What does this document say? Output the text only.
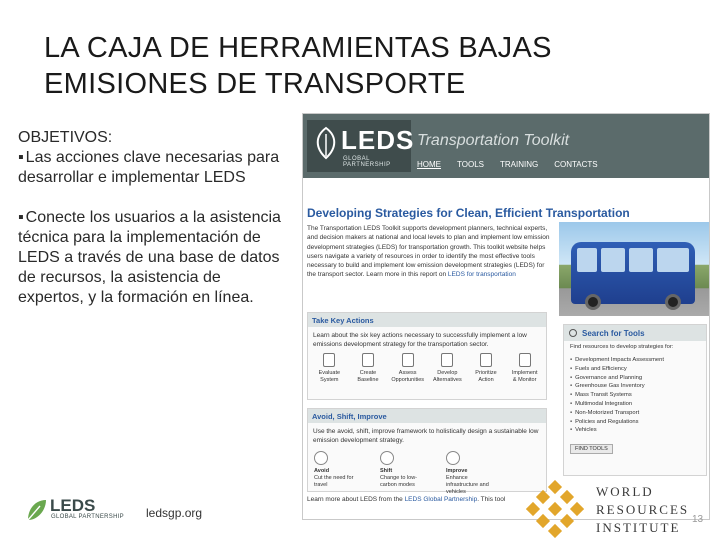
LA CAJA DE HERRAMIENTAS BAJAS
EMISIONES DE TRANSPORTE
OBJETIVOS:

▪ Las acciones clave necesarias para desarrollar e implementar LEDS

▪ Conecte los usuarios a la asistencia técnica para la implementación de LEDS a través de una base de datos de recursos, la asistencia de expertos, y la formación en línea.

LEDS
GLOBAL PARTNERSHIP
Transportation Toolkit
HOME TOOLS TRAINING CONTACTS
Developing Strategies for Clean, Efficient Transportation
The Transportation LEDS Toolkit supports development planners, technical experts, and decision makers at national and local levels to plan and implement low emission development strategies (LEDS) for transportation growth. This toolkit website helps users navigate a variety of resources in order to identify the most effective tools necessary to build and implement low emission development strategies (LEDS) for the transport sector. Learn more in this report on LEDS for transportation
Take Key Actions
Learn about the six key actions necessary to successfully implement a low emissions development strategy for the transportation sector.
Evaluate System
Create Baseline
Assess Opportunities
Develop Alternatives
Prioritize Action
Implement & Monitor
Avoid, Shift, Improve
Use the avoid, shift, improve framework to holistically design a sustainable low emission development strategy.
Avoid
Cut the need for travel
Shift
Change to low-carbon modes
Improve
Enhance infrastructure and vehicles
Search for Tools
Find resources to develop strategies for:
▪ Development Impacts Assessment
▪ Fuels and Efficiency
▪ Governance and Planning
▪ Greenhouse Gas Inventory
▪ Mass Transit Systems
▪ Multimodal Integration
▪ Non-Motorized Transport
▪ Policies and Regulations
▪ Vehicles
FIND TOOLS
Learn more about LEDS from the LEDS Global Partnership. This tool
LEDS
GLOBAL PARTNERSHIP ledsgp.org
WORLD
RESOURCES
INSTITUTE
13
